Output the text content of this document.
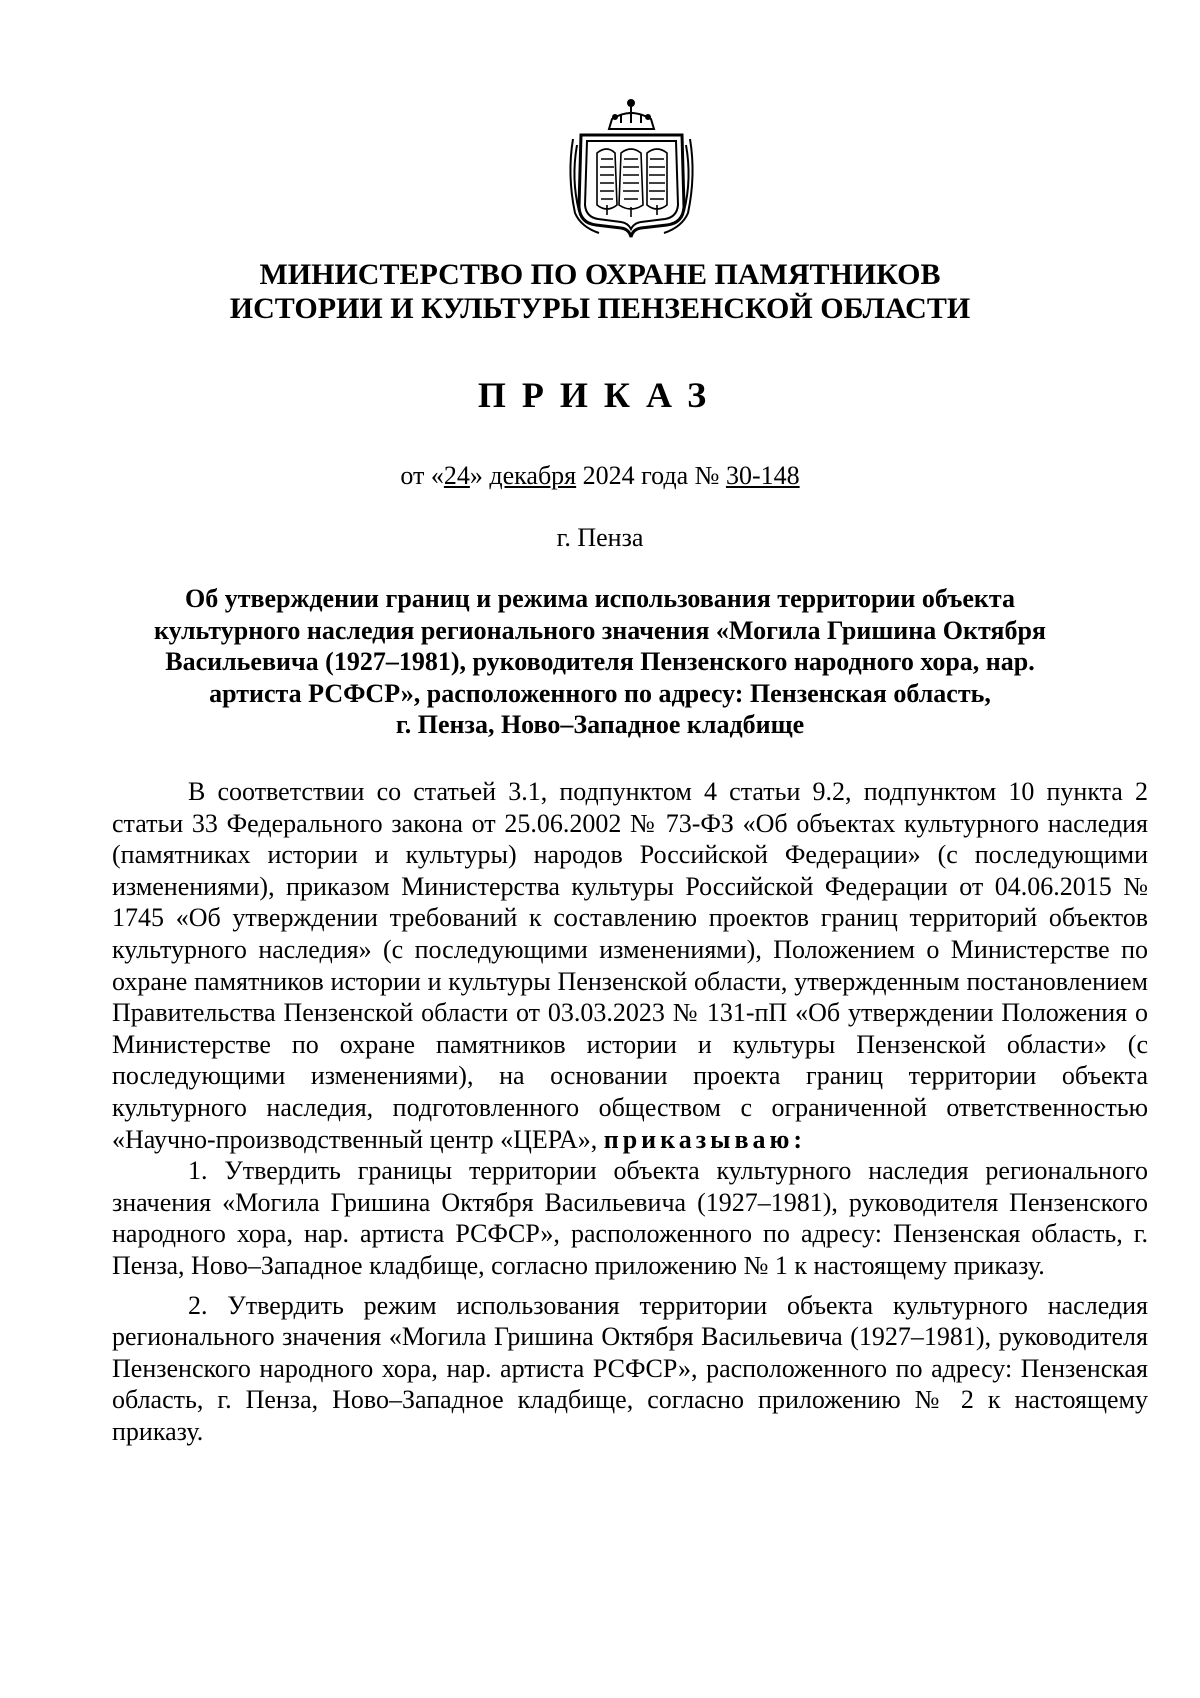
МИНИСТЕРСТВО ПО ОХРАНЕ ПАМЯТНИКОВ
ИСТОРИИ И КУЛЬТУРЫ ПЕНЗЕНСКОЙ ОБЛАСТИ
ПРИКАЗ
от «24» декабря 2024 года № 30-148
г. Пенза
Об утверждении границ и режима использования территории объекта
культурного наследия регионального значения «Могила Гришина Октября
Васильевича (1927–1981), руководителя Пензенского народного хора, нар.
артиста РСФСР», расположенного по адресу: Пензенская область,
г. Пенза, Ново–Западное кладбище

В соответствии со статьей 3.1, подпунктом 4 статьи 9.2, подпунктом 10 пункта 2 статьи 33 Федерального закона от 25.06.2002 № 73-ФЗ «Об объектах культурного наследия (памятниках истории и культуры) народов Российской Федерации» (с последующими изменениями), приказом Министерства культуры Российской Федерации от 04.06.2015 № 1745 «Об утверждении требований к составлению проектов границ территорий объектов культурного наследия» (с последующими изменениями), Положением о Министерстве по охране памятников истории и культуры Пензенской области, утвержденным постановлением Правительства Пензенской области от 03.03.2023 № 131-пП «Об утверждении Положения о Министерстве по охране памятников истории и культуры Пензенской области» (с последующими изменениями), на основании проекта границ территории объекта культурного наследия, подготовленного обществом с ограниченной ответственностью «Научно-производственный центр «ЦЕРА», приказываю:

1. Утвердить границы территории объекта культурного наследия регионального значения «Могила Гришина Октября Васильевича (1927–1981), руководителя Пензенского народного хора, нар. артиста РСФСР», расположенного по адресу: Пензенская область, г. Пенза, Ново–Западное кладбище, согласно приложению № 1 к настоящему приказу.

2. Утвердить режим использования территории объекта культурного наследия регионального значения «Могила Гришина Октября Васильевича (1927–1981), руководителя Пензенского народного хора, нар. артиста РСФСР», расположенного по адресу: Пензенская область, г. Пенза, Ново–Западное кладбище, согласно приложению № 2 к настоящему приказу.
